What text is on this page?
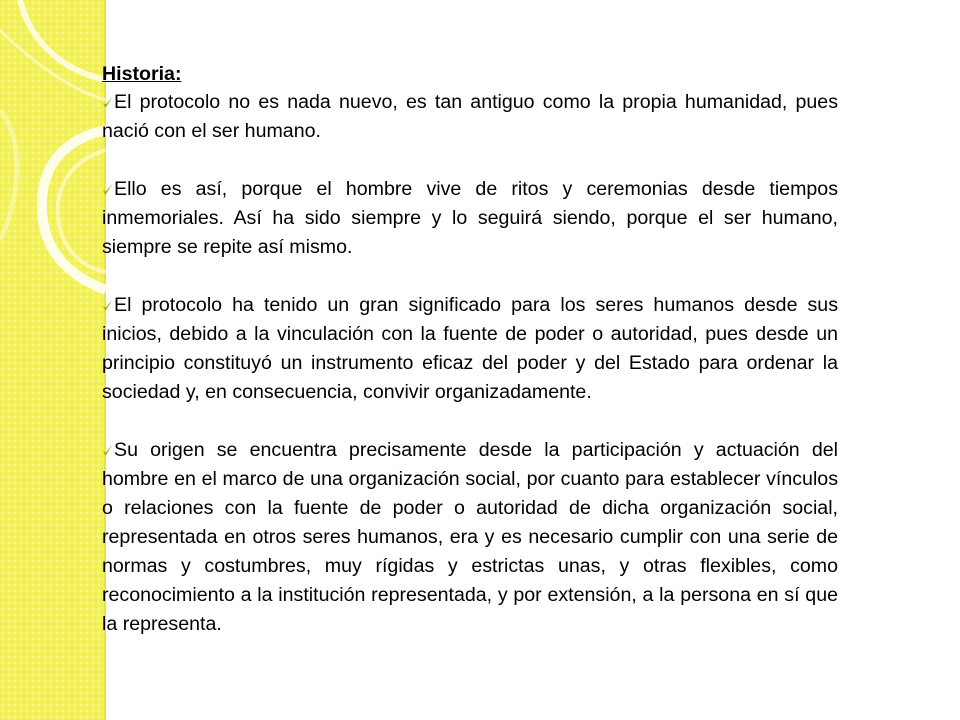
Historia:

El protocolo no es nada nuevo, es tan antiguo como la propia humanidad, pues nació con el ser humano.

Ello es así, porque el hombre vive de ritos y ceremonias desde tiempos inmemoriales. Así ha sido siempre y lo seguirá siendo, porque el ser humano, siempre se repite así mismo.

El protocolo ha tenido un gran significado para los seres humanos desde sus inicios, debido a la vinculación con la fuente de poder o autoridad, pues desde un principio constituyó un instrumento eficaz del poder y del Estado para ordenar la sociedad y, en consecuencia, convivir organizadamente.

Su origen se encuentra precisamente desde la participación y actuación del hombre en el marco de una organización social, por cuanto para establecer vínculos o relaciones con la fuente de poder o autoridad de dicha organización social, representada en otros seres humanos, era y es necesario cumplir con una serie de normas y costumbres, muy rígidas y estrictas unas, y otras flexibles, como reconocimiento a la institución representada, y por extensión, a la persona en sí que la representa.
